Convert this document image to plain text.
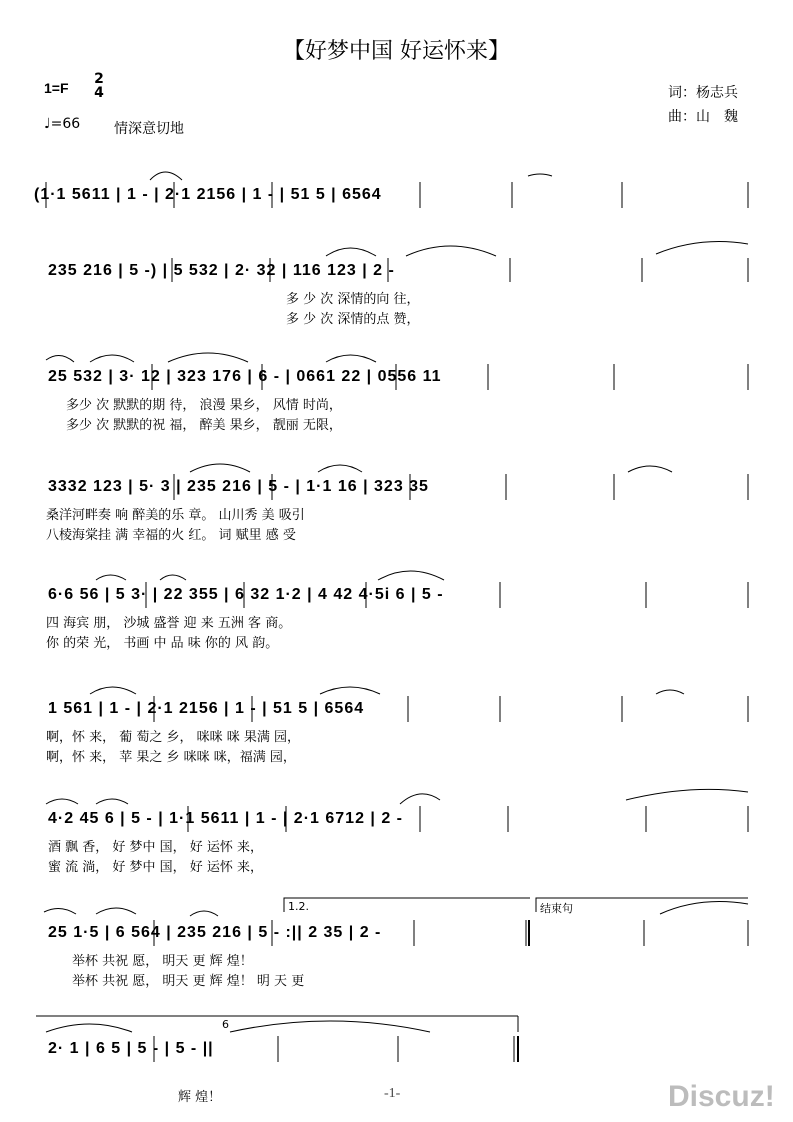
【好梦中国 好运怀来】
1=F
2
4
♩=66 情深意切地
词：杨志兵
曲：山　魏
(1·1 5611 | 1 - | 2·1 2156 | 1 - | 51 5 | 6564
235 216 | 5 -) | 5 532 | 2· 32 | 116 123 | 2 -
多 少 次 深情的向 往，
多 少 次 深情的点 赞，
25 532 | 3· 12 | 323 176 | 6 - | 0661 22 | 0556 11
多少 次 默默的期 待， 浪漫 果乡， 风情 时尚，
多少 次 默默的祝 福， 醉美 果乡， 靓丽 无限，
3332 123 | 5· 3 | 235 216 | 5 - | 1·1 16 | 323 35
桑洋河畔奏 响 醉美的乐 章。 山川秀 美 吸引
八棱海棠挂 满 幸福的火 红。 词 赋里 感 受
6·6 56 | 5 3· | 22 355 | 6 32 1·2 | 4 42 4·5i 6 | 5 -
四 海宾 朋， 沙城 盛誉 迎 来 五洲 客 商。
你 的荣 光， 书画 中 品 味 你的 风 韵。
1 561 | 1 - | 2·1 2156 | 1 - | 51 5 | 6564
啊，怀 来， 葡 萄之 乡， 咪咪 咪 果满 园，
啊，怀 来， 苹 果之 乡 咪咪 咪，福满 园，
4·2 45 6 | 5 - | 1·1 5611 | 1 - | 2·1 6712 | 2 -
酒 飘 香， 好 梦中 国， 好 运怀 来，
蜜 流 淌， 好 梦中 国， 好 运怀 来，
1.2.	结束句
25 1·5 | 6 564 | 235 216 | 5 - :|| 2 35 | 2 -
举杯 共祝 愿， 明天 更 辉 煌！
举杯 共祝 愿， 明天 更 辉 煌！ 明 天 更
6
2· 1 | 6 5 | 5 - | 5 - ||
辉 煌！	-1-	Discuz!
